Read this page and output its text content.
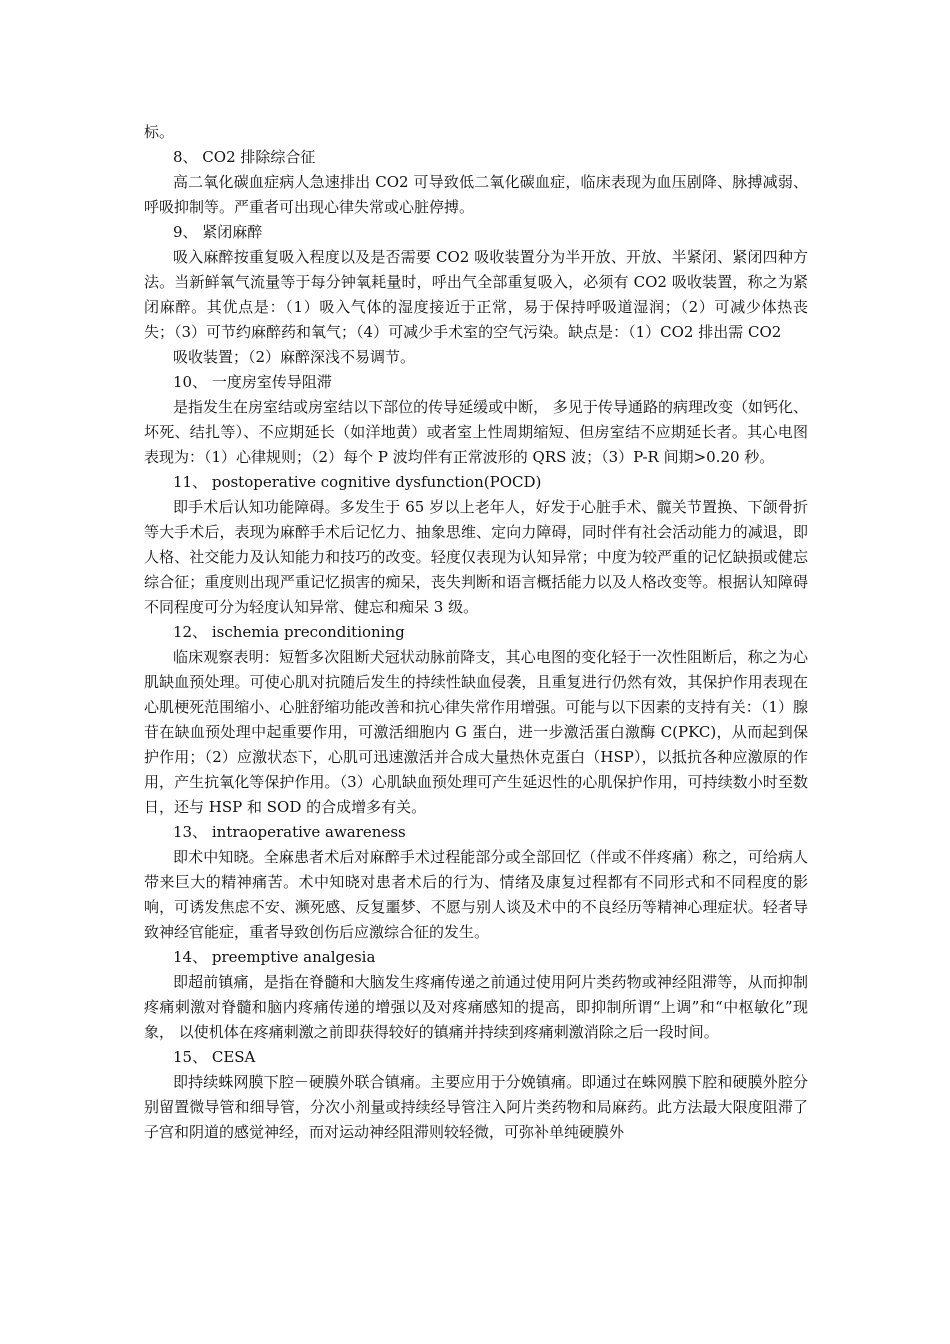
标。

8、 CO2 排除综合征

高二氧化碳血症病人急速排出 CO2 可导致低二氧化碳血症，临床表现为血压剧降、脉搏减弱、呼吸抑制等。严重者可出现心律失常或心脏停搏。

9、 紧闭麻醉

吸入麻醉按重复吸入程度以及是否需要 CO2 吸收装置分为半开放、开放、半紧闭、紧闭四种方法。当新鲜氧气流量等于每分钟氧耗量时，呼出气全部重复吸入，必须有 CO2 吸收装置，称之为紧闭麻醉。其优点是：（1）吸入气体的湿度接近于正常，易于保持呼吸道湿润；（2）可减少体热丧失；（3）可节约麻醉药和氧气；（4）可减少手术室的空气污染。缺点是：（1）CO2 排出需 CO2

吸收装置；（2）麻醉深浅不易调节。

10、 一度房室传导阻滞

是指发生在房室结或房室结以下部位的传导延缓或中断， 多见于传导通路的病理改变（如钙化、坏死、结扎等）、不应期延长（如洋地黄）或者室上性周期缩短、但房室结不应期延长者。其心电图表现为：（1）心律规则；（2）每个 P 波均伴有正常波形的 QRS 波；（3）P-R 间期>0.20 秒。

11、 postoperative cognitive dysfunction(POCD)

即手术后认知功能障碍。多发生于 65 岁以上老年人，好发于心脏手术、髋关节置换、下颌骨折等大手术后，表现为麻醉手术后记忆力、抽象思维、定向力障碍，同时伴有社会活动能力的减退，即人格、社交能力及认知能力和技巧的改变。轻度仅表现为认知异常；中度为较严重的记忆缺损或健忘综合征；重度则出现严重记忆损害的痴呆，丧失判断和语言概括能力以及人格改变等。根据认知障碍不同程度可分为轻度认知异常、健忘和痴呆 3 级。

12、 ischemia preconditioning

临床观察表明：短暂多次阻断犬冠状动脉前降支，其心电图的变化轻于一次性阻断后，称之为心肌缺血预处理。可使心肌对抗随后发生的持续性缺血侵袭，且重复进行仍然有效，其保护作用表现在心肌梗死范围缩小、心脏舒缩功能改善和抗心律失常作用增强。可能与以下因素的支持有关：（1）腺苷在缺血预处理中起重要作用，可激活细胞内 G 蛋白，进一步激活蛋白激酶 C(PKC)，从而起到保护作用；（2）应激状态下，心肌可迅速激活并合成大量热休克蛋白（HSP），以抵抗各种应激原的作用，产生抗氧化等保护作用。（3）心肌缺血预处理可产生延迟性的心肌保护作用，可持续数小时至数日，还与 HSP 和 SOD 的合成增多有关。

13、 intraoperative awareness

即术中知晓。全麻患者术后对麻醉手术过程能部分或全部回忆（伴或不伴疼痛）称之，可给病人带来巨大的精神痛苦。术中知晓对患者术后的行为、情绪及康复过程都有不同形式和不同程度的影响，可诱发焦虑不安、濒死感、反复噩梦、不愿与别人谈及术中的不良经历等精神心理症状。轻者导致神经官能症，重者导致创伤后应激综合征的发生。

14、 preemptive analgesia

即超前镇痛，是指在脊髓和大脑发生疼痛传递之前通过使用阿片类药物或神经阻滞等，从而抑制疼痛刺激对脊髓和脑内疼痛传递的增强以及对疼痛感知的提高，即抑制所谓“上调”和“中枢敏化”现象， 以使机体在疼痛刺激之前即获得较好的镇痛并持续到疼痛刺激消除之后一段时间。

15、 CESA

即持续蛛网膜下腔－硬膜外联合镇痛。主要应用于分娩镇痛。即通过在蛛网膜下腔和硬膜外腔分别留置微导管和细导管，分次小剂量或持续经导管注入阿片类药物和局麻药。此方法最大限度阻滞了子宫和阴道的感觉神经，而对运动神经阻滞则较轻微，可弥补单纯硬膜外
